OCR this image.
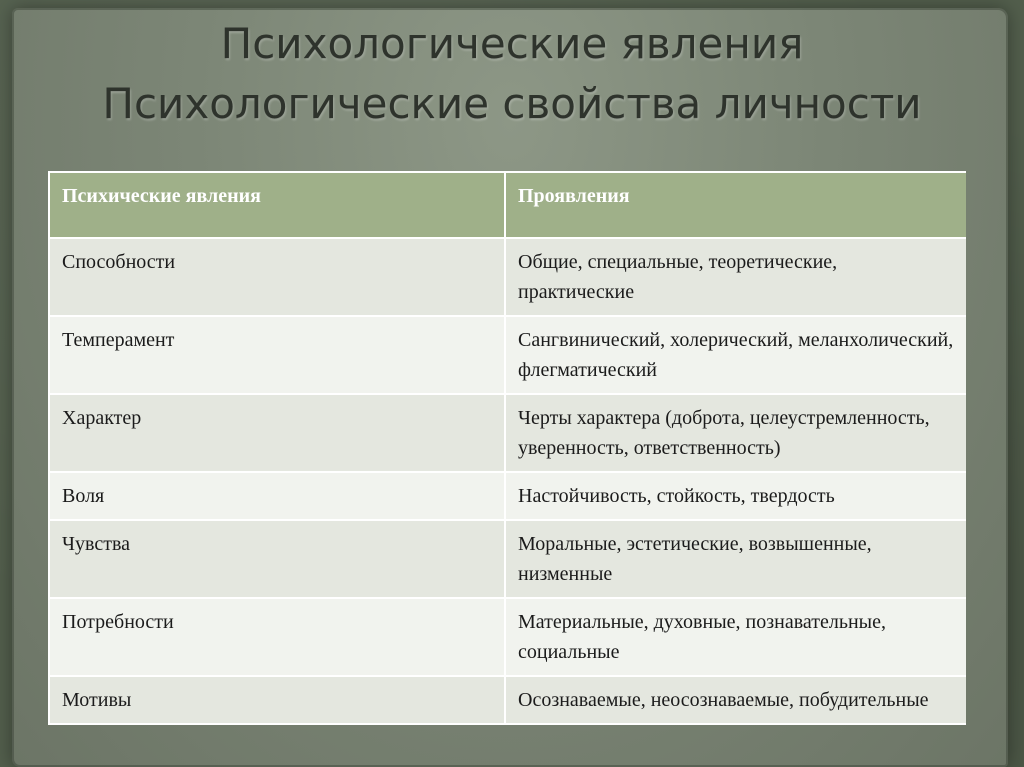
Психологические явления
Психологические свойства личности
Психические явления	Проявления
Способности	Общие, специальные, теоретические, практические
Темперамент	Сангвинический, холерический, меланхолический, флегматический
Характер	Черты характера (доброта, целеустремленность, уверенность, ответственность)
Воля	Настойчивость, стойкость, твердость
Чувства	Моральные, эстетические, возвышенные, низменные
Потребности	Материальные, духовные, познавательные, социальные
Мотивы	Осознаваемые, неосознаваемые, побудительные
